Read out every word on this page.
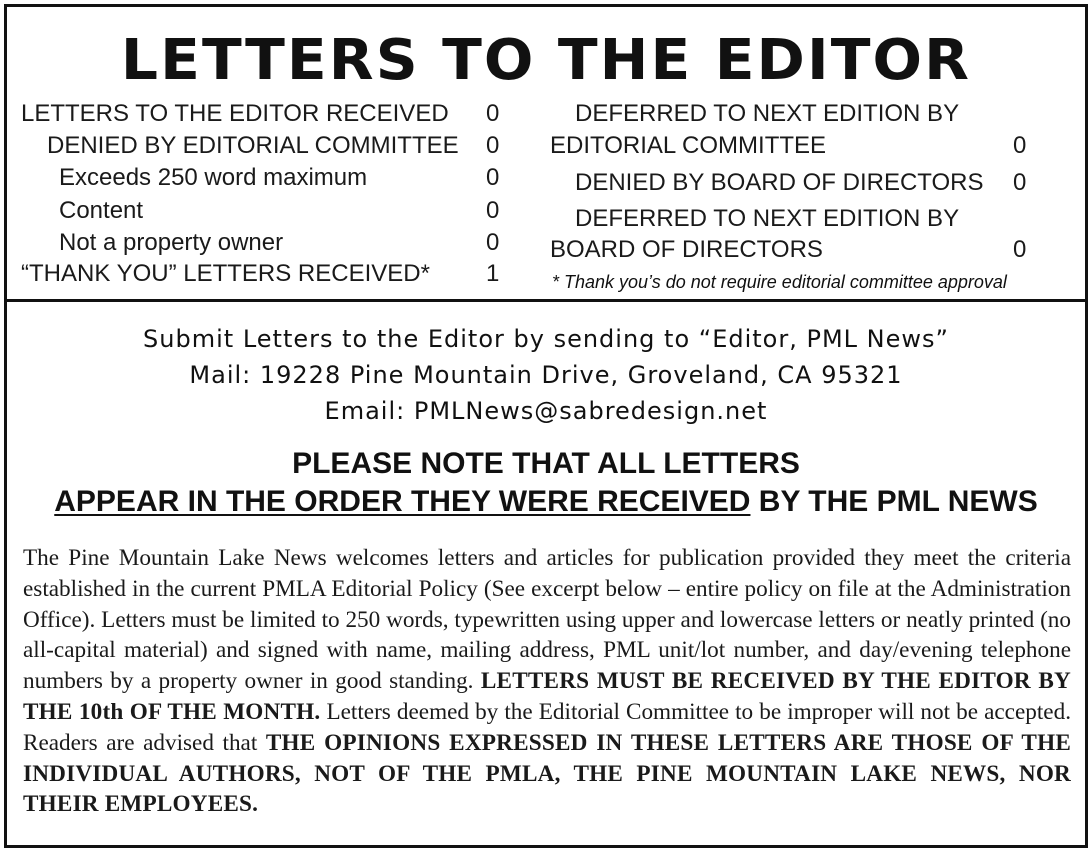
LETTERS TO THE EDITOR
LETTERS TO THE EDITOR RECEIVED 0
DENIED BY EDITORIAL COMMITTEE 0
Exceeds 250 word maximum	0
Content	0
Not a property owner	0
“THANK YOU” LETTERS RECEIVED* 1
DEFERRED TO NEXT EDITION BY
EDITORIAL COMMITTEE	0
DENIED BY BOARD OF DIRECTORS 0
DEFERRED TO NEXT EDITION BY
BOARD OF DIRECTORS	0
* Thank you’s do not require editorial committee approval
Submit Letters to the Editor by sending to “Editor, PML News”
Mail: 19228 Pine Mountain Drive, Groveland, CA 95321
Email: PMLNews@sabredesign.net
PLEASE NOTE THAT ALL LETTERS
APPEAR IN THE ORDER THEY WERE RECEIVED BY THE PML NEWS
The Pine Mountain Lake News welcomes letters and articles for publication provided they meet the criteria established in the current PMLA Editorial Policy (See excerpt below – entire policy on file at the Administration Office). Letters must be limited to 250 words, typewritten using upper and lowercase letters or neatly printed (no all-capital material) and signed with name, mailing address, PML unit/lot number, and day/evening telephone numbers by a property owner in good standing. LETTERS MUST BE RECEIVED BY THE EDITOR BY THE 10th OF THE MONTH. Letters deemed by the Editorial Committee to be improper will not be accepted. Readers are advised that THE OPINIONS EXPRESSED IN THESE LETTERS ARE THOSE OF THE INDIVIDUAL AUTHORS, NOT OF THE PMLA, THE PINE MOUNTAIN LAKE NEWS, NOR THEIR EMPLOYEES.
